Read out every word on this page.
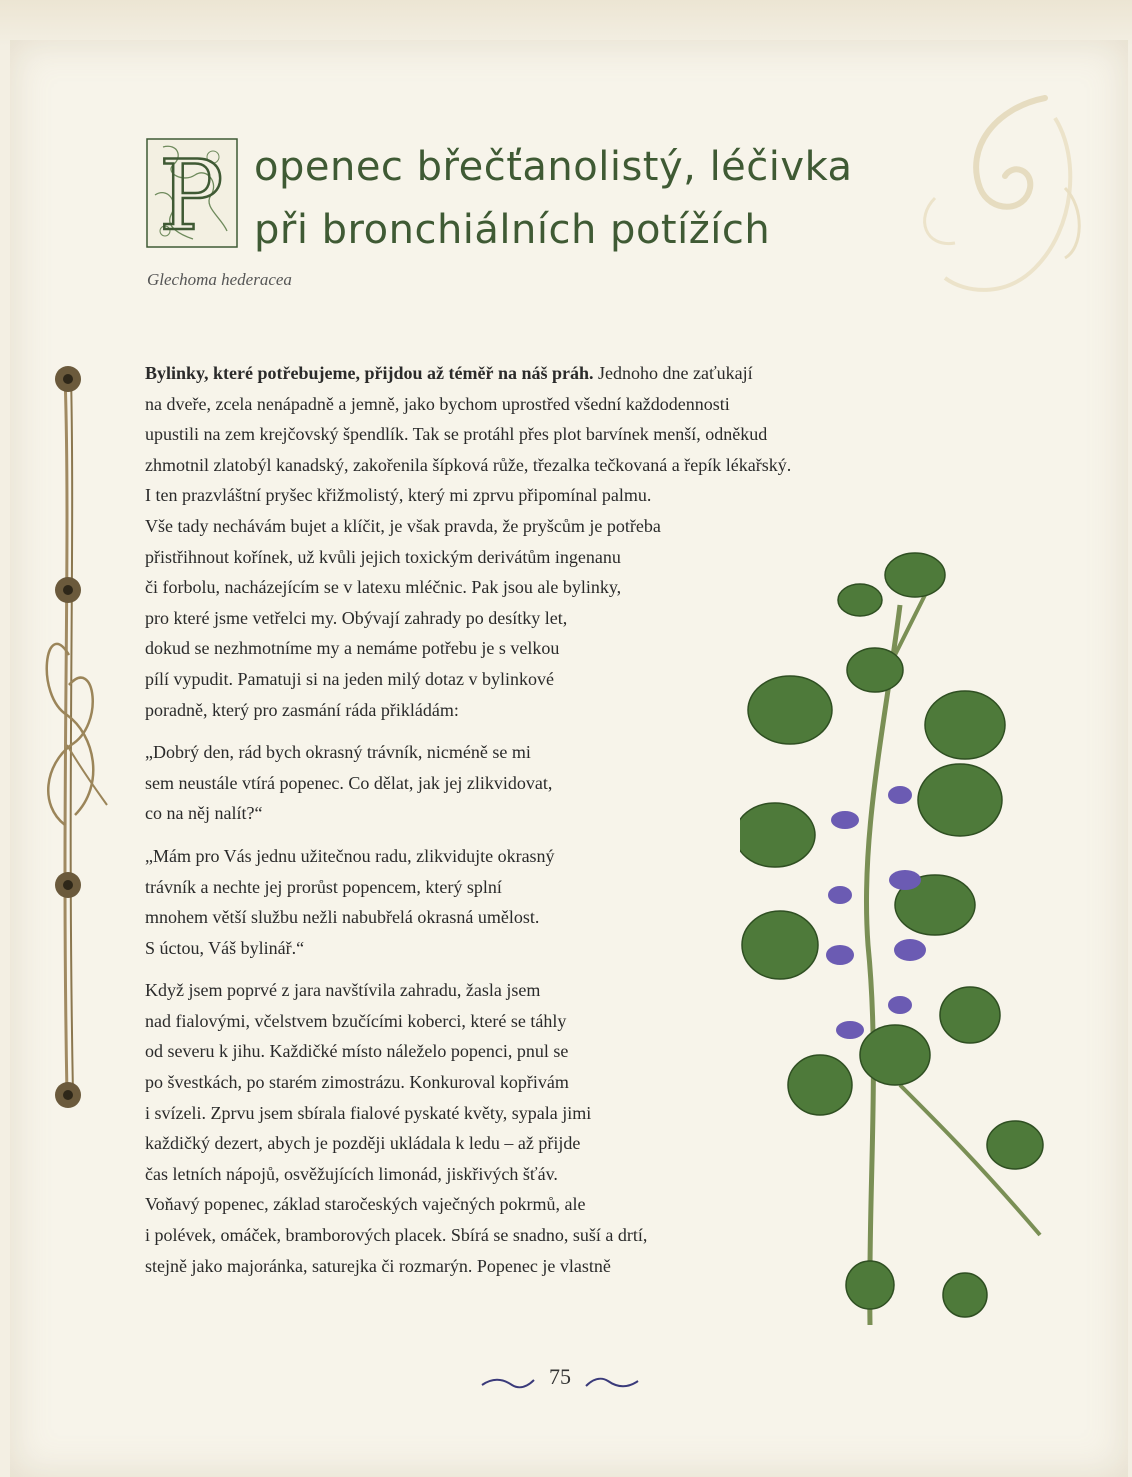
P openec břečťanolistý, léčivka
při bronchiálních potížích
Glechoma hederacea
Bylinky, které potřebujeme, přijdou až téměř na náš práh. Jednoho dne zaťukají
na dveře, zcela nenápadně a jemně, jako bychom uprostřed všední každodennosti
upustili na zem krejčovský špendlík. Tak se protáhl přes plot barvínek menší, odněkud
zhmotnil zlatobýl kanadský, zakořenila šípková růže, třezalka tečkovaná a řepík lékařský.
I ten prazvláštní pryšec křižmolistý, který mi zprvu připomínal palmu.
Vše tady nechávám bujet a klíčit, je však pravda, že pryšcům je potřeba
přistřihnout kořínek, už kvůli jejich toxickým derivátům ingenanu
či forbolu, nacházejícím se v latexu mléčnic. Pak jsou ale bylinky,
pro které jsme vetřelci my. Obývají zahrady po desítky let,
dokud se nezhmotníme my a nemáme potřebu je s velkou
pílí vypudit. Pamatuji si na jeden milý dotaz v bylinkové
poradně, který pro zasmání ráda přikládám:
„Dobrý den, rád bych okrasný trávník, nicméně se mi
sem neustále vtírá popenec. Co dělat, jak jej zlikvidovat,
co na něj nalít?“
„Mám pro Vás jednu užitečnou radu, zlikvidujte okrasný
trávník a nechte jej prorůst popencem, který splní
mnohem větší službu nežli nabubřelá okrasná umělost.
S úctou, Váš bylinář.“
Když jsem poprvé z jara navštívila zahradu, žasla jsem
nad fialovými, včelstvem bzučícími koberci, které se táhly
od severu k jihu. Každičké místo náleželo popenci, pnul se
po švestkách, po starém zimostrázu. Konkuroval kopřivám
i svízeli. Zprvu jsem sbírala fialové pyskaté květy, sypala jimi
každičký dezert, abych je později ukládala k ledu – až přijde
čas letních nápojů, osvěžujících limonád, jiskřivých šťáv.
Voňavý popenec, základ staročeských vaječných pokrmů, ale
i polévek, omáček, bramborových placek. Sbírá se snadno, suší a drtí,
stejně jako majoránka, saturejka či rozmarýn. Popenec je vlastně
75
